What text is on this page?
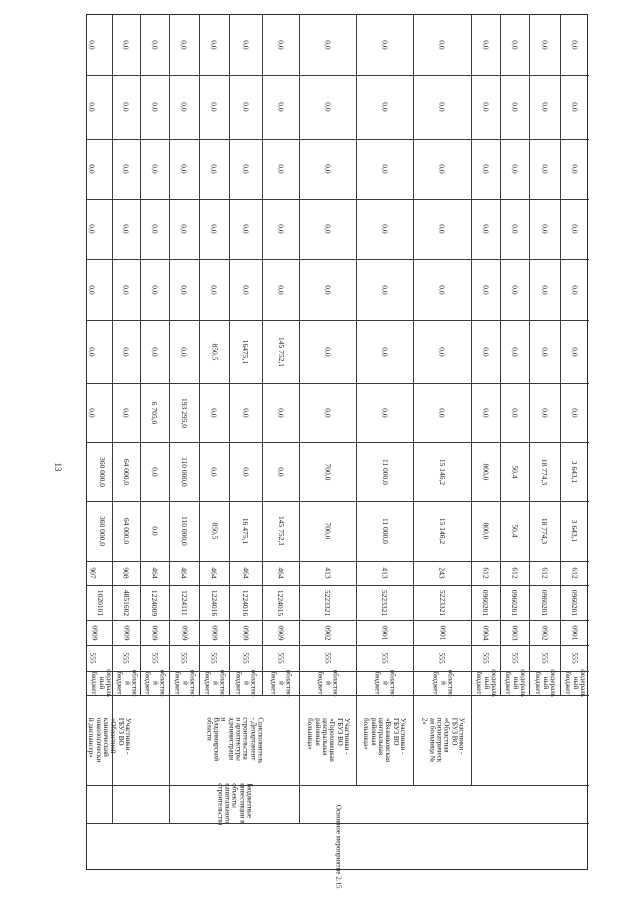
13
0,0
0,0
0,0
0,0
0,0
0,0
0,0
3 643,1
3 643,1
612
0960201
0901
555
федераль
ный
бюджет
0,0
0,0
0,0
0,0
0,0
0,0
0,0
18 774,3
18 774,3
612
0960201
0902
555
федераль
ный
бюджет
0,0
0,0
0,0
0,0
0,0
0,0
0,0
50,4
50,4
612
0960201
0903
555
федераль
ный
бюджет
0,0
0,0
0,0
0,0
0,0
0,0
0,0
800,0
800,0
612
0960201
0904
555
федераль
ный
бюджет
0,0
0,0
0,0
0,0
0,0
0,0
0,0
15 146,2
15 146,2
243
5223321
0901
555
областно
й
бюджет
0,0
0,0
0,0
0,0
0,0
0,0
0,0
11 000,0
11 000,0
413
5223321
0901
555
областно
й
бюджет
0,0
0,0
0,0
0,0
0,0
0,0
0,0
700,0
700,0
413
5223321
0902
555
областно
й
бюджет
0,0
0,0
0,0
0,0
0,0
145 752,1
0,0
0,0
145 752,1
464
1224015
0909
555
областно
й
бюджет
0,0
0,0
0,0
0,0
0,0
16475,1
0,0
0,0
16 475,1
464
1224016
0909
555
областно
й
бюджет
0,0
0,0
0,0
0,0
0,0
850,5
0,0
0,0
850,5
464
1224016
0909
555
областно
й
бюджет
0,0
0,0
0,0
0,0
0,0
0,0
193 295,0
110 000,0
110 000,0
464
1224111
0909
555
областно
й
бюджет
0,0
0,0
0,0
0,0
0,0
0,0
6 705,0
0,0
0,0
464
1224009
0909
555
областно
й
бюджет
0,0
0,0
0,0
0,0
0,0
0,0
0,0
64 000,0
64 000,0
908
4851602
0909
555
областно
й
бюджет
0,0
0,0
0,0
0,0
0,0
0,0
0,0
360 000,0
360 000,0
907
1020101
0909
555
федераль
ный
бюджет
Участники -
ГБУЗ ВО
«Областная
психиатрическ
ая больница №
2»
Участники -
ГБУЗ ВО
«Вязниковская
центральная
районная
больница»
Участники -
ГБУЗ ВО
«Гороховецкая
центральная
районная
больница»
Соисполнитель
- Департамент
строительства
и архитектуры
администраци
и
Владимирской
области
Участники -
ГБУЗ ВО
«Областной
клинический
онкологически
й диспансер»
Бюджетные
инвестиции в
объекты
капитального
строительства
Основное мероприятие 2.15
